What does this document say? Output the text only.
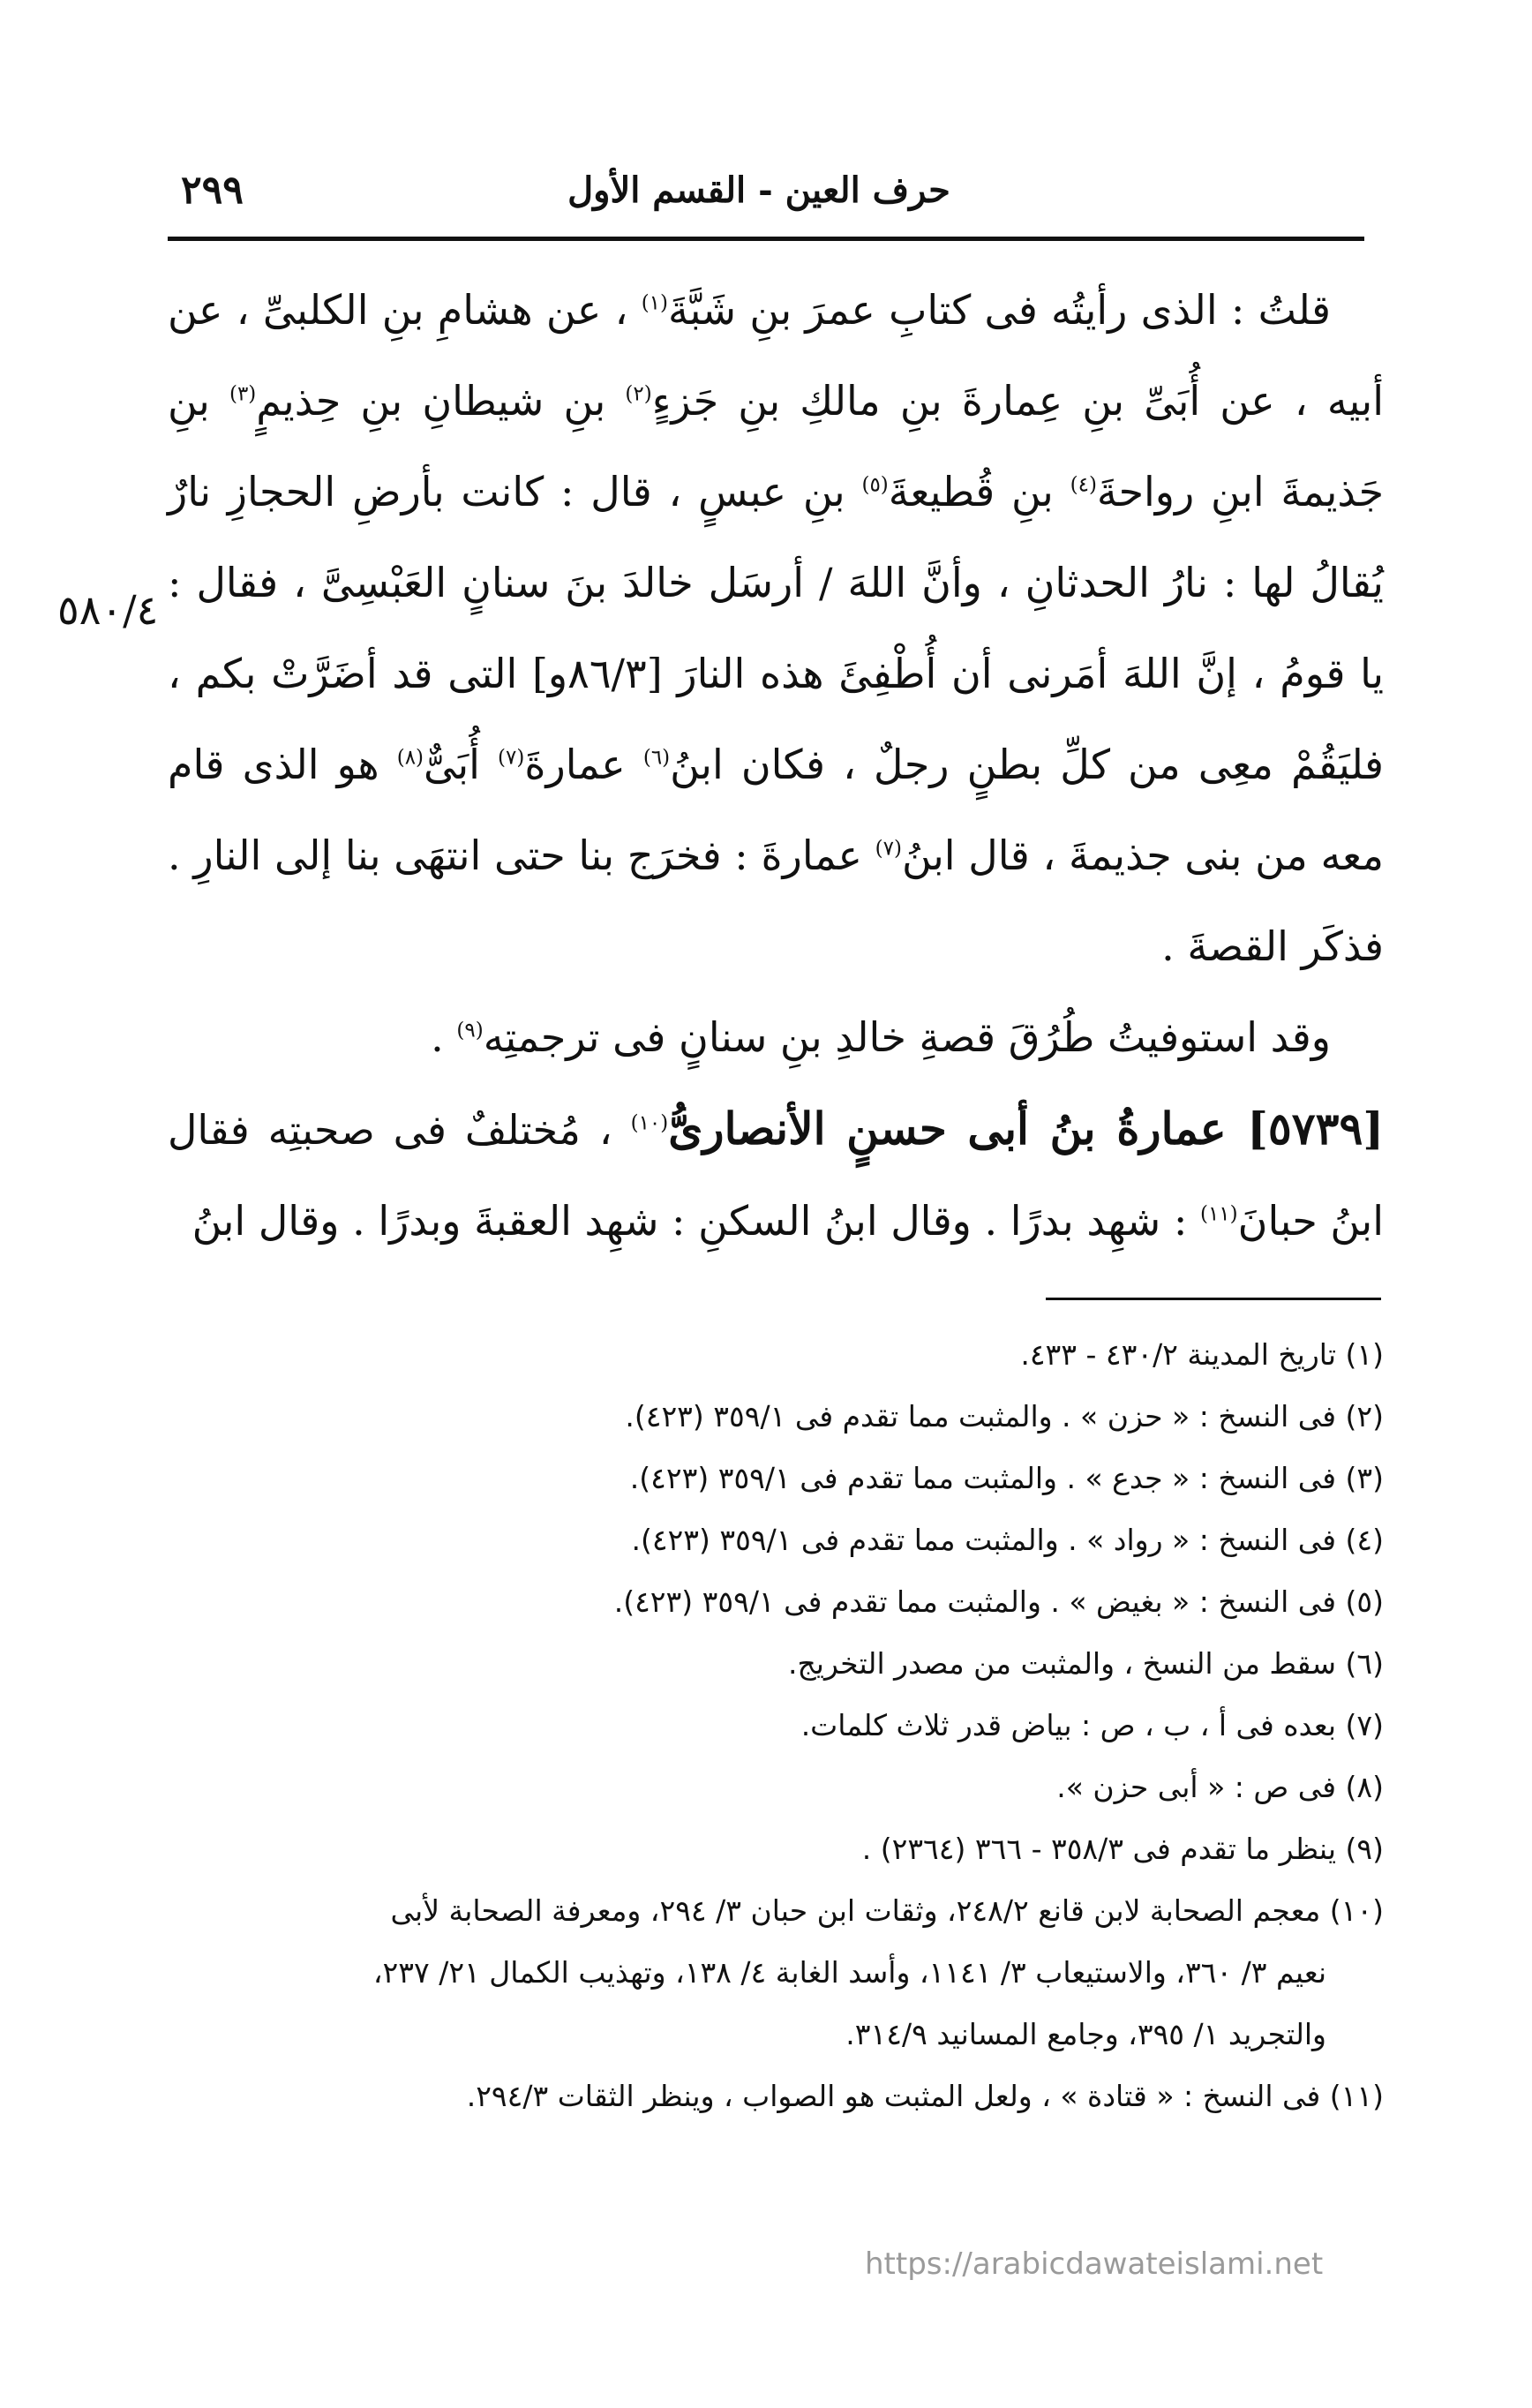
٢٩٩	حرف العين - القسم الأول
٥٨٠/٤

قلتُ : الذى رأيتُه فى كتابِ عمرَ بنِ شَبَّةَ$^{(١)}$ ، عن هشامِ بنِ الكلبىِّ ، عن أبيه ، عن أُبَىِّ بنِ عِمارةَ بنِ مالكِ بنِ جَزءٍ$^{(٢)}$ بنِ شيطانِ بنِ حِذيمٍ$^{(٣)}$ بنِ جَذيمةَ ابنِ رواحةَ$^{(٤)}$ بنِ قُطيعةَ$^{(٥)}$ بنِ عبسٍ ، قال : كانت بأرضِ الحجازِ نارٌ يُقالُ لها : نارُ الحدثانِ ، وأنَّ اللهَ / أرسَل خالدَ بنَ سنانٍ العَبْسِىَّ ، فقال : يا قومُ ، إنَّ اللهَ أمَرنى أن أُطْفِئَ هذه النارَ [٨٦/٣و] التى قد أضَرَّتْ بكم ، فليَقُمْ معِى من كلِّ بطنٍ رجلٌ ، فكان ابنُ$^{(٦)}$ عمارةَ$^{(٧)}$ أُبَىٌّ$^{(٨)}$ هو الذى قام معه من بنى جذيمةَ ، قال ابنُ$^{(٧)}$ عمارةَ : فخرَج بنا حتى انتهَى بنا إلى النارِ . فذكَر القصةَ .

وقد استوفيتُ طُرُقَ قصةِ خالدِ بنِ سنانٍ فى ترجمتِه$^{(٩)}$ .

[٥٧٣٩] عمارةُ بنُ أبى حسنٍ الأنصارىُّ$^{(١٠)}$ ، مُختلفٌ فى صحبتِه فقال ابنُ حبانَ$^{(١١)}$ : شهِد بدرًا . وقال ابنُ السكنِ : شهِد العقبةَ وبدرًا . وقال ابنُ

(١) تاريخ المدينة ٤٣٠/٢ - ٤٣٣.

(٢) فى النسخ : « حزن » . والمثبت مما تقدم فى ٣٥٩/١ (٤٢٣).

(٣) فى النسخ : « جدع » . والمثبت مما تقدم فى ٣٥٩/١ (٤٢٣).

(٤) فى النسخ : « رواد » . والمثبت مما تقدم فى ٣٥٩/١ (٤٢٣).

(٥) فى النسخ : « بغيض » . والمثبت مما تقدم فى ٣٥٩/١ (٤٢٣).

(٦) سقط من النسخ ، والمثبت من مصدر التخريج.

(٧) بعده فى أ ، ب ، ص : بياض قدر ثلاث كلمات.

(٨) فى ص : « أبى حزن ».

(٩) ينظر ما تقدم فى ٣٥٨/٣ - ٣٦٦ (٢٣٦٤) .

(١٠) معجم الصحابة لابن قانع ٢٤٨/٢، وثقات ابن حبان ٣/ ٢٩٤، ومعرفة الصحابة لأبى

نعيم ٣/ ٣٦٠، والاستيعاب ٣/ ١١٤١، وأسد الغابة ٤/ ١٣٨، وتهذيب الكمال ٢١/ ٢٣٧،

والتجريد ١/ ٣٩٥، وجامع المسانيد ٣١٤/٩.

(١١) فى النسخ : « قتادة » ، ولعل المثبت هو الصواب ، وينظر الثقات ٢٩٤/٣.

https://arabicdawateislami.net
